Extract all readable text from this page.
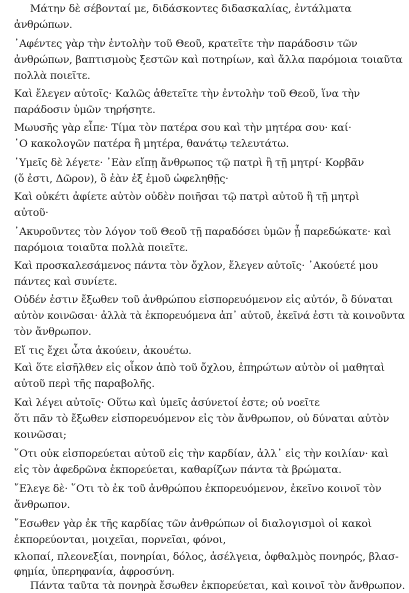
Μάτην δὲ σέβονταί με, διδάσκοντες διδασκαλίας, ἐντάλματα
ἀνθρώπων.
᾿Αφέντες γὰρ τὴν ἐντολὴν τοῦ Θεοῦ, κρατεῖτε τὴν παράδοσιν τῶν
ἀνθρώπων, βαπτισμοὺς ξεστῶν καὶ ποτηρίων, καὶ ἄλλα παρόμοια τοιαῦτα
πολλὰ ποιεῖτε.
Καὶ ἔλεγεν αὐτοῖς· Καλῶς ἀθετεῖτε τὴν ἐντολὴν τοῦ Θεοῦ, ἵνα τὴν
παράδοσιν ὑμῶν τηρήσητε.
Μωυσῆς γὰρ εἶπε· Τίμα τὸν πατέρα σου καὶ τὴν μητέρα σου· καί·
῾Ο κακολογῶν πατέρα ἢ μητέρα, θανάτῳ τελευτάτω.
῾Υμεῖς δὲ λέγετε· ᾿Εὰν εἴπῃ ἄνθρωπος τῷ πατρὶ ἢ τῇ μητρί· Κορβᾶν
(ὅ ἐστι, Δῶρον), ὃ ἐὰν ἐξ ἐμοῦ ὠφεληθῇς·
Καὶ οὐκέτι ἀφίετε αὐτὸν οὐδὲν ποιῆσαι τῷ πατρὶ αὐτοῦ ἢ τῇ μητρὶ
αὐτοῦ·
᾿Ακυροῦντες τὸν λόγον τοῦ Θεοῦ τῇ παραδόσει ὑμῶν ᾗ παρεδώκατε· καὶ
παρόμοια τοιαῦτα πολλὰ ποιεῖτε.
Καὶ προσκαλεσάμενος πάντα τὸν ὄχλον, ἔλεγεν αὐτοῖς· ᾿Ακούετέ μου
πάντες καὶ συνίετε.
Οὐδέν ἐστιν ἔξωθεν τοῦ ἀνθρώπου εἰσπορευόμενον εἰς αὐτόν, ὃ δύναται
αὐτὸν κοινῶσαι· ἀλλὰ τὰ ἐκπορευόμενα ἀπ᾿ αὐτοῦ, ἐκεῖνά ἐστι τὰ κοινοῦντα
τὸν ἄνθρωπον.
Εἴ τις ἔχει ὦτα ἀκούειν, ἀκουέτω.
Καὶ ὅτε εἰσῆλθεν εἰς οἶκον ἀπὸ τοῦ ὄχλου, ἐπηρώτων αὐτὸν οἱ μαθηταὶ
αὐτοῦ περὶ τῆς παραβολῆς.
Καὶ λέγει αὐτοῖς· Οὕτω καὶ ὑμεῖς ἀσύνετοί ἐστε; οὐ νοεῖτε
ὅτι πᾶν τὸ ἔξωθεν εἰσπορευόμενον εἰς τὸν ἄνθρωπον, οὐ δύναται αὐτὸν
κοινῶσαι;
῞Οτι οὐκ εἰσπορεύεται αὐτοῦ εἰς τὴν καρδίαν, ἀλλ᾿ εἰς τὴν κοιλίαν· καὶ
εἰς τὸν ἀφεδρῶνα ἐκπορεύεται, καθαρίζων πάντα τὰ βρώματα.
῎Ελεγε δὲ· ῞Οτι τὸ ἐκ τοῦ ἀνθρώπου ἐκπορευόμενον, ἐκεῖνο κοινοῖ τὸν
ἄνθρωπον.
῎Εσωθεν γὰρ ἐκ τῆς καρδίας τῶν ἀνθρώπων οἱ διαλογισμοὶ οἱ κακοὶ
ἐκπορεύονται, μοιχεῖαι, πορνεῖαι, φόνοι,
κλοπαί, πλεονεξίαι, πονηρίαι, δόλος, ἀσέλγεια, ὀφθαλμὸς πονηρός, βλασ-
φημία, ὑπερηφανία, ἀφροσύνη.
Πάντα ταῦτα τὰ πονηρὰ ἔσωθεν ἐκπορεύεται, καὶ κοινοῖ τὸν ἄνθρωπον.
